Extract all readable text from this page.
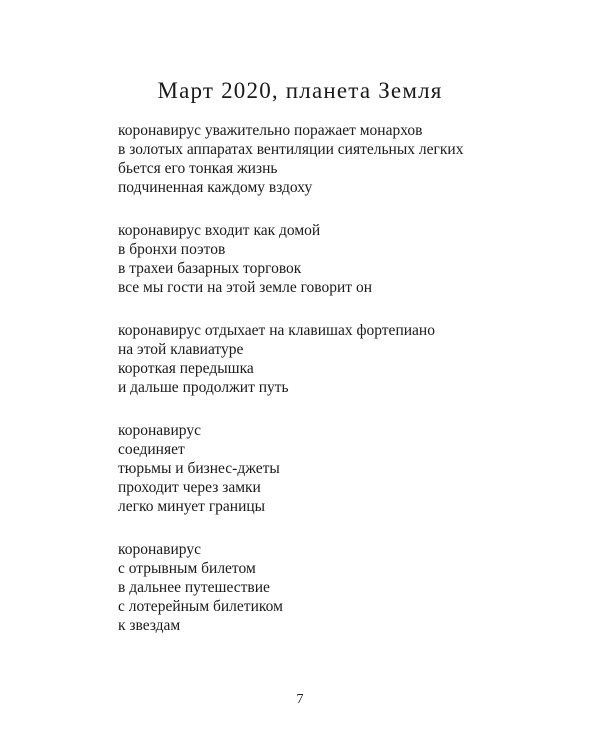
Март 2020, планета Земля
коронавирус уважительно поражает монархов
в золотых аппаратах вентиляции сиятельных легких
бьется его тонкая жизнь
подчиненная каждому вздоху
коронавирус входит как домой
в бронхи поэтов
в трахеи базарных торговок
все мы гости на этой земле говорит он
коронавирус отдыхает на клавишах фортепиано
на этой клавиатуре
короткая передышка
и дальше продолжит путь
коронавирус
соединяет
тюрьмы и бизнес-джеты
проходит через замки
легко минует границы
коронавирус
с отрывным билетом
в дальнее путешествие
с лотерейным билетиком
к звездам
7
